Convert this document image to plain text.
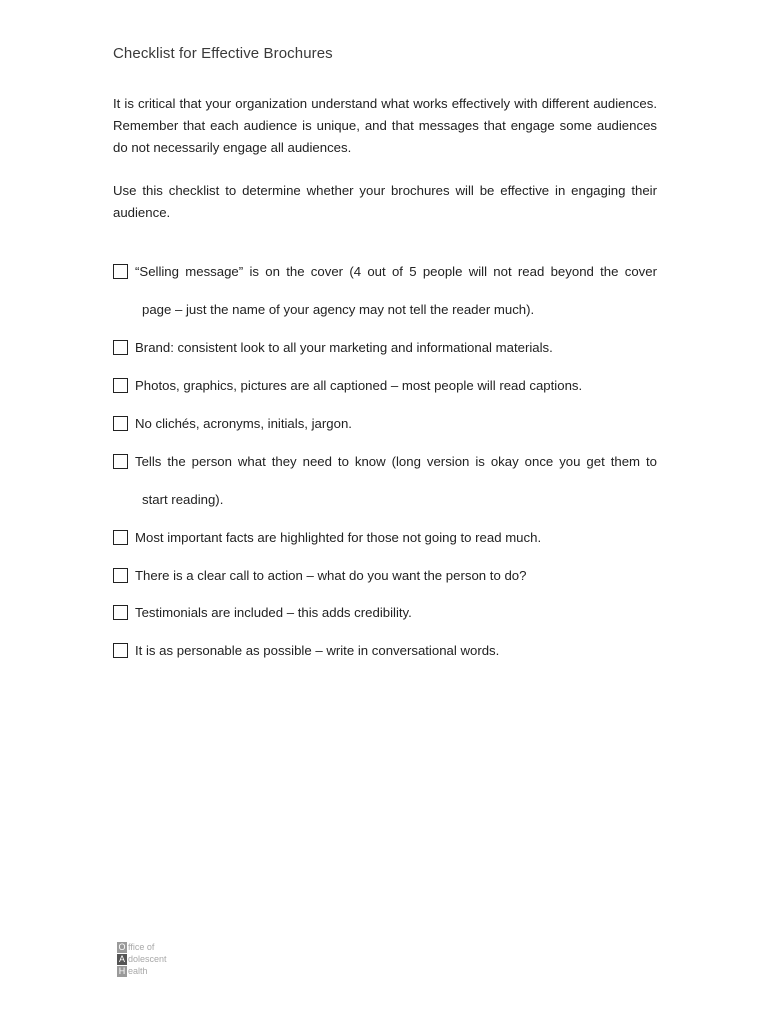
Checklist for Effective Brochures
It is critical that your organization understand what works effectively with different audiences. Remember that each audience is unique, and that messages that engage some audiences do not necessarily engage all audiences.
Use this checklist to determine whether your brochures will be effective in engaging their audience.
“Selling message” is on the cover (4 out of 5 people will not read beyond the cover
page – just the name of your agency may not tell the reader much).
Brand: consistent look to all your marketing and informational materials.
Photos, graphics, pictures are all captioned – most people will read captions.
No clichés, acronyms, initials, jargon.
Tells the person what they need to know (long version is okay once you get them to
start reading).
Most important facts are highlighted for those not going to read much.
There is a clear call to action – what do you want the person to do?
Testimonials are included – this adds credibility.
It is as personable as possible – write in conversational words.
O ffice of
A dolescent
H ealth
